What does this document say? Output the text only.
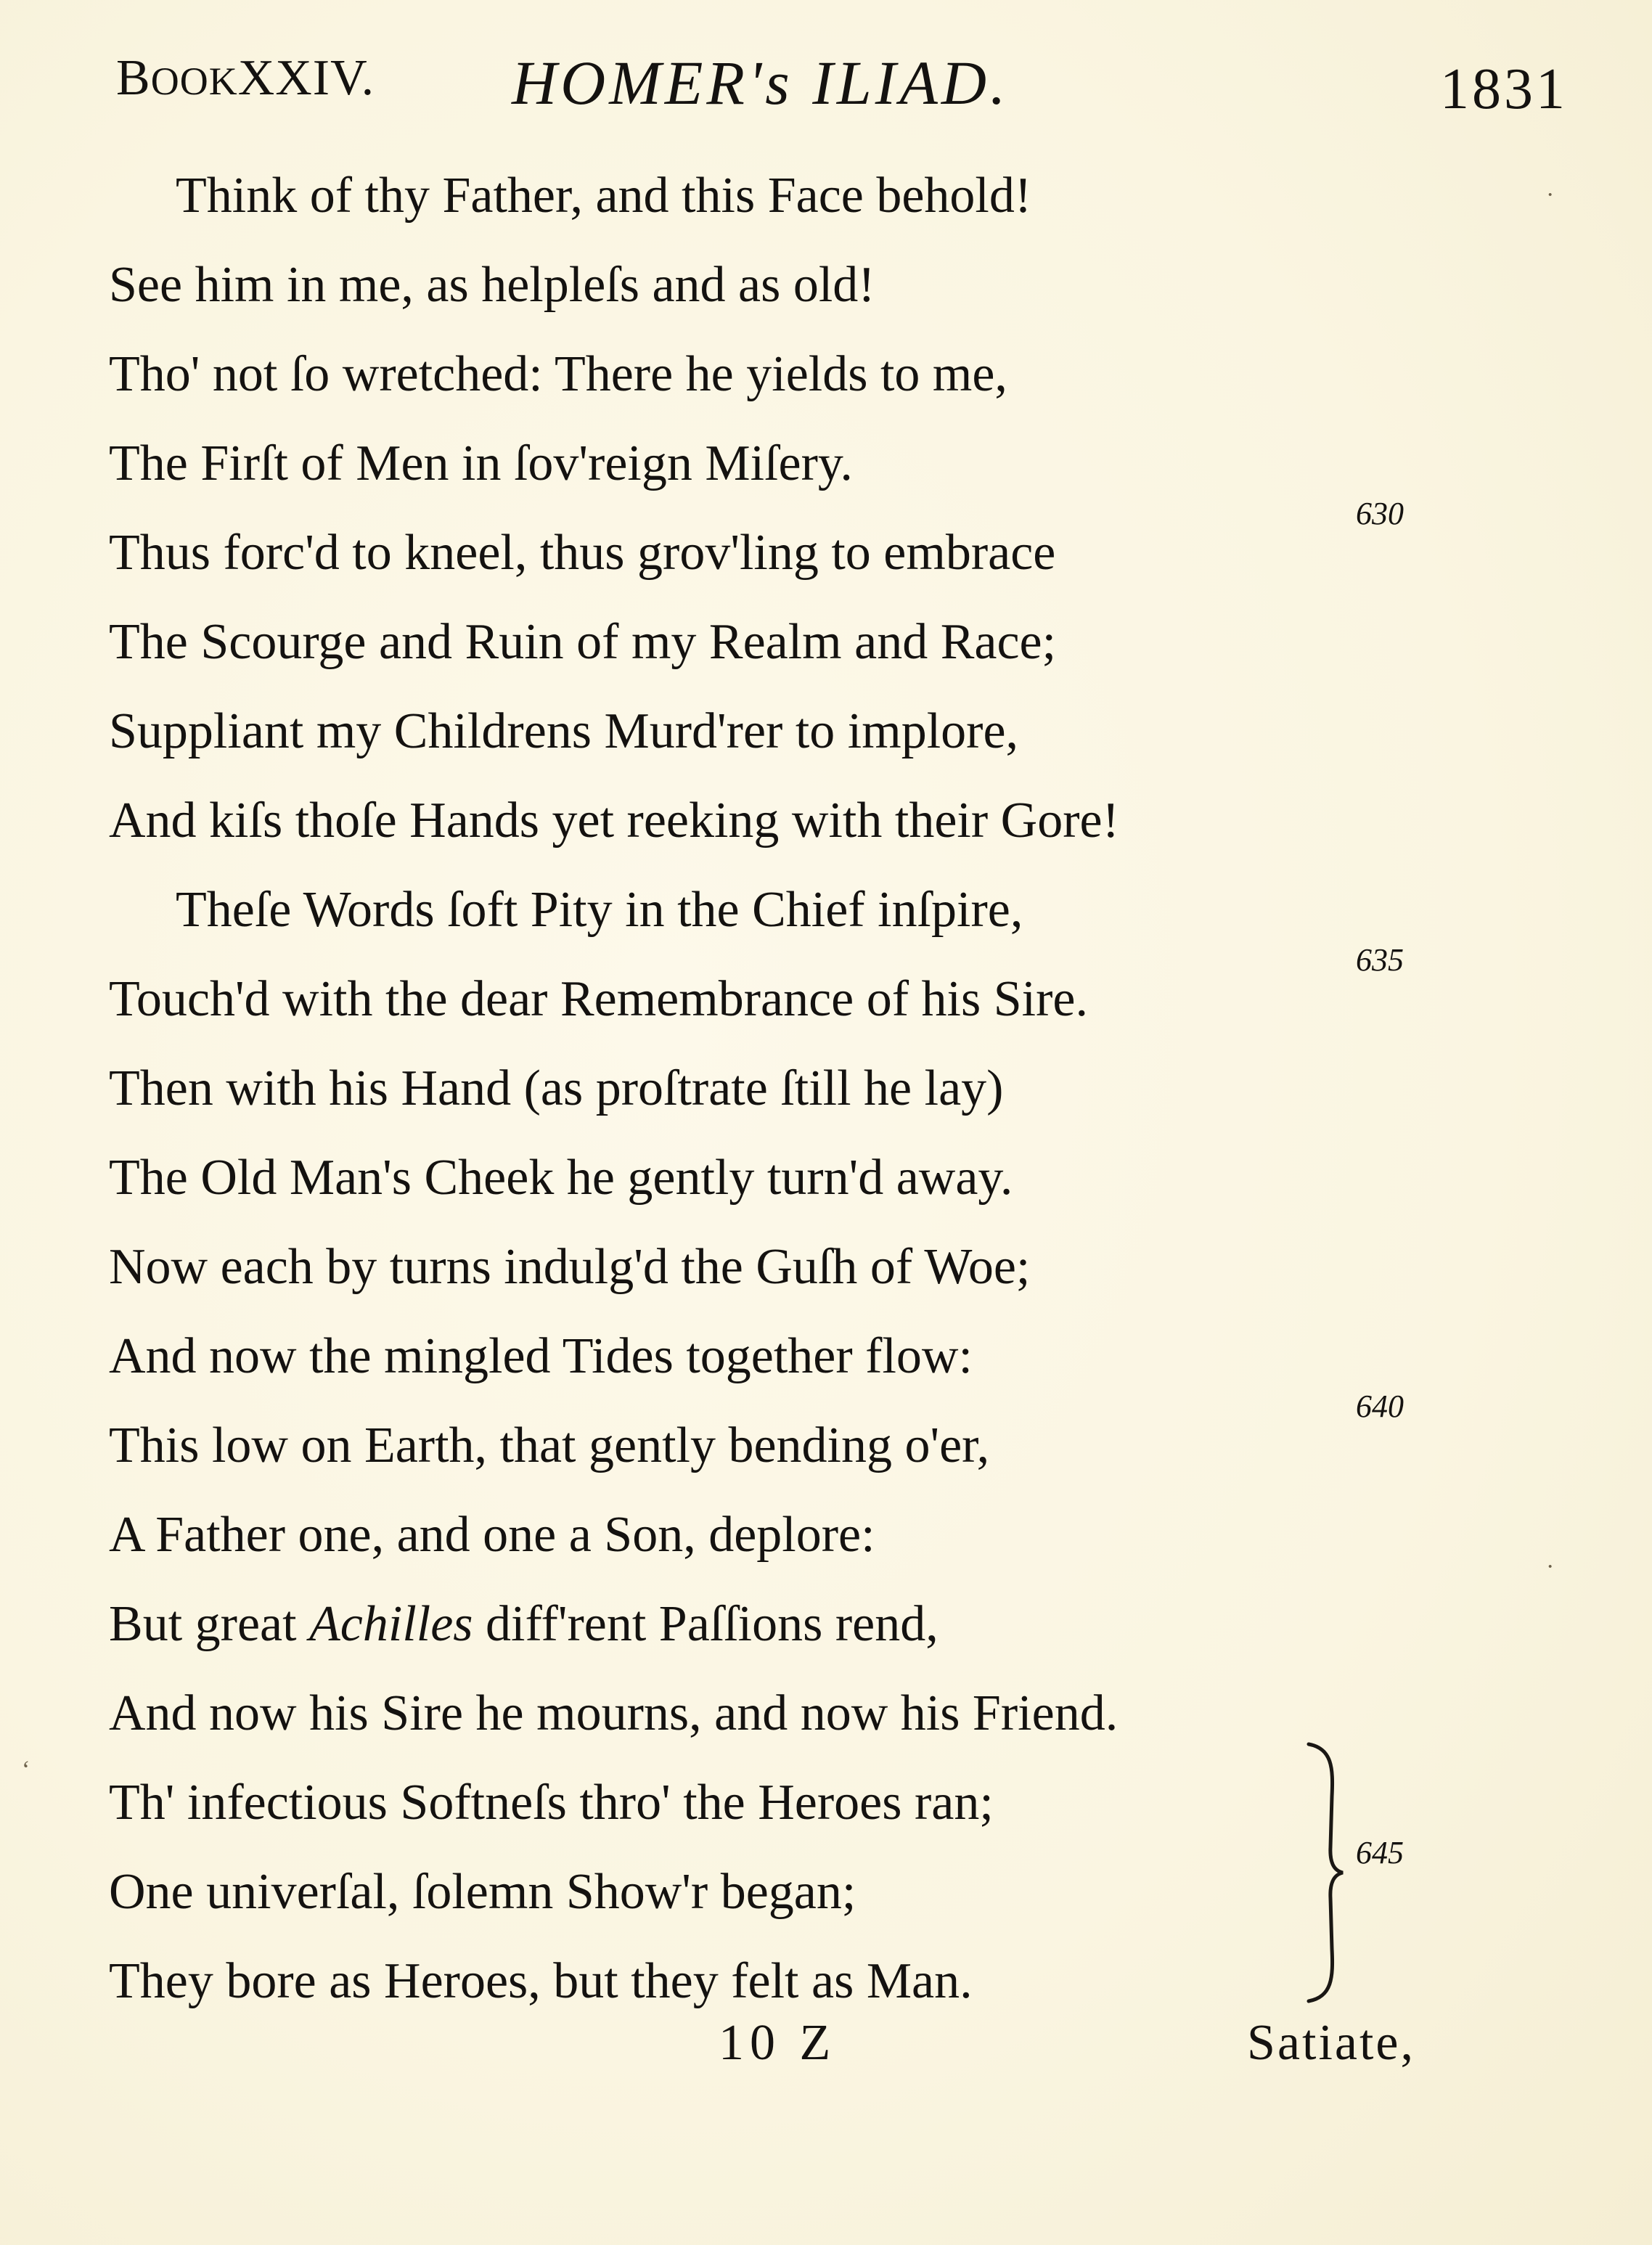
BOOKXXIV. HOMER's ILIAD.	1831
Think of thy Father, and this Face behold!
See him in me, as helpleſs and as old!
Tho' not ſo wretched: There he yields to me,
The Firſt of Men in ſov'reign Miſery.
Thus forc'd to kneel, thus grov'ling to embrace
630
The Scourge and Ruin of my Realm and Race;
Suppliant my Childrens Murd'rer to implore,
And kiſs thoſe Hands yet reeking with their Gore!
Theſe Words ſoft Pity in the Chief inſpire,
Touch'd with the dear Remembrance of his Sire.
635
Then with his Hand (as proſtrate ſtill he lay)
The Old Man's Cheek he gently turn'd away.
Now each by turns indulg'd the Guſh of Woe;
And now the mingled Tides together flow:
This low on Earth, that gently bending o'er,
640
A Father one, and one a Son, deplore:
But great Achilles diff'rent Paſſions rend,
And now his Sire he mourns, and now his Friend.
Th' infectious Softneſs thro' the Heroes ran;
One univerſal, ſolemn Show'r began;
645
They bore as Heroes, but they felt as Man.
·
·
ʻ
10 Z	Satiate,
